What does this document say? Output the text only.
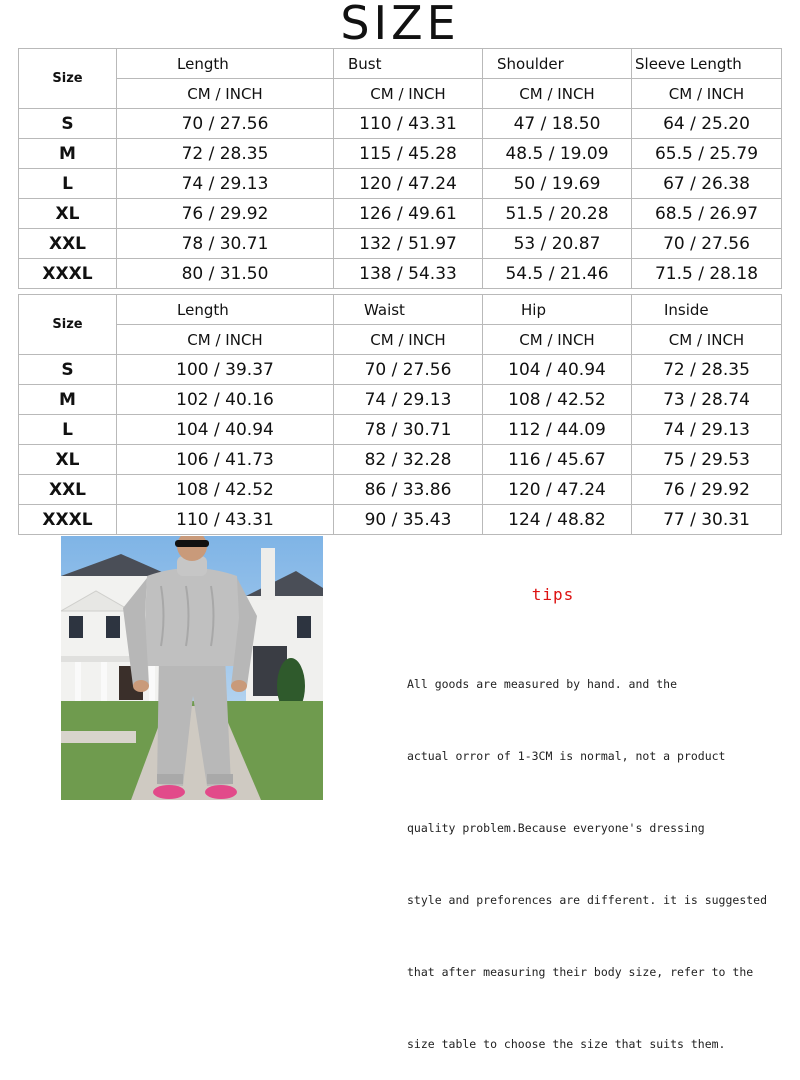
SIZE
Size	Length	Bust	Shoulder	Sleeve Length
	CM / INCH	CM / INCH	CM / INCH	CM / INCH
S	70 / 27.56	110 / 43.31	47 / 18.50	64 / 25.20
M	72 / 28.35	115 / 45.28	48.5 / 19.09	65.5 / 25.79
L	74 / 29.13	120 / 47.24	50 / 19.69	67 / 26.38
XL	76 / 29.92	126 / 49.61	51.5 / 20.28	68.5 / 26.97
XXL	78 / 30.71	132 / 51.97	53 / 20.87	70 / 27.56
XXXL	80 / 31.50	138 / 54.33	54.5 / 21.46	71.5 / 28.18
Size	Length	Waist	Hip	Inside
	CM / INCH	CM / INCH	CM / INCH	CM / INCH
S	100 / 39.37	70 / 27.56	104 / 40.94	72 / 28.35
M	102 / 40.16	74 / 29.13	108 / 42.52	73 / 28.74
L	104 / 40.94	78 / 30.71	112 / 44.09	74 / 29.13
XL	106 / 41.73	82 / 32.28	116 / 45.67	75 / 29.53
XXL	108 / 42.52	86 / 33.86	120 / 47.24	76 / 29.92
XXXL	110 / 43.31	90 / 35.43	124 / 48.82	77 / 30.31
tips

All goods are measured by hand. and the

actual orror of 1-3CM is normal, not a product

quality problem.Because everyone's dressing

style and preforences are different. it is suggested

that after measuring their body size, refer to the

size table to choose the size that suits them.
